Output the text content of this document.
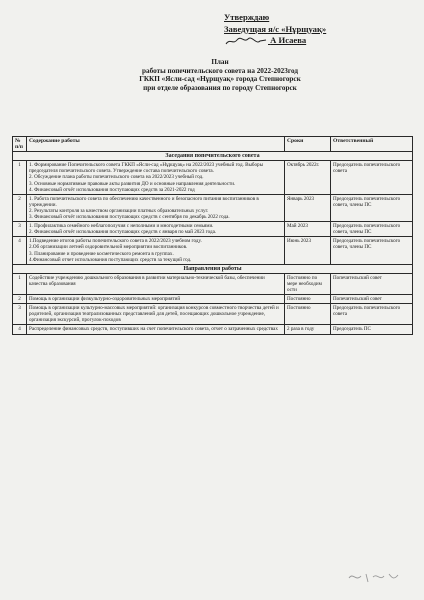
Утверждаю
Заведущая я/с «Нұрщуақ»
А Исаева
План
работы попечительского совета на 2022-2023год
ГККП «Ясли-сад «Нұрщуақ» города Степногорск
при отделе образования по городу Степногорск
№ п/п	Содержание работы	Сроки	Ответственный
Заседания попечительского совета			
1	1. Формирование Попечительского совета ГККП «Ясли-сад «Нұрщуақ» на 2022/2023 учебный год. Выборы председателя попечительского совета. Утверждение состава попечительского совета.
2. Обсуждение плана работы попечительского совета на 2022/2023 учебный год.
3. Основные нормативные правовые акты развития ДО и основные направления деятельности.
4. Финансовый отчёт использования поступающих средств за 2021-2022 год	Октябрь 2022г.	Председатель попечительского совета
2	1. Работа попечительского совета по обеспечению качественного и безопасного питания воспитанников в учреждении.
2. Результаты контроля за качеством организации платных образовательных услуг.
3. Финансовый отчёт использования поступающих средств с сентября по декабрь 2022 года.	Январь 2023	Председатель попечительского совета, члены ПС
3	1. Профилактика семейного неблагополучия с неполными и многодетными семьями.
2. Финансовый отчёт использования поступающих средств с января по май 2023 года.	Май 2023	Председатель попечительского совета, члены ПС
4	1.Подведение итогов работы попечительского совета в 2022/2023 учебном году.
2.Об организации летней оздоровительной мероприятии воспитанников.
3. Планирование и проведение косметического ремонта в группах.
4.Финансовый отчет использования поступающих средств за текущий год.	Июнь 2023	Председатель попечительского совета, члены ПС
Направления работы			
1	Содействие учреждению дошкольного образования в развитии материально-технической базы, обеспечении качества образования	Постоянно по мере необходим ости	Попечительский совет
2	Помощь в организации физкультурно-оздоровительных мероприятий	Постоянно	Попечительский совет
3	Помощь в организации культурно-массовых мероприятий: организация конкурсов совместного творчества детей и родителей, организация театрализованных представлений для детей, посещающих дошкольное учреждение, организация экскурсий, прогулок-походов	Постоянно	Председатель попечительского совета
4	Распределение финансовых средств, поступивших на счет попечительского совета, отчет о затраченных средствах	2 раза в году	Председатель ПС
